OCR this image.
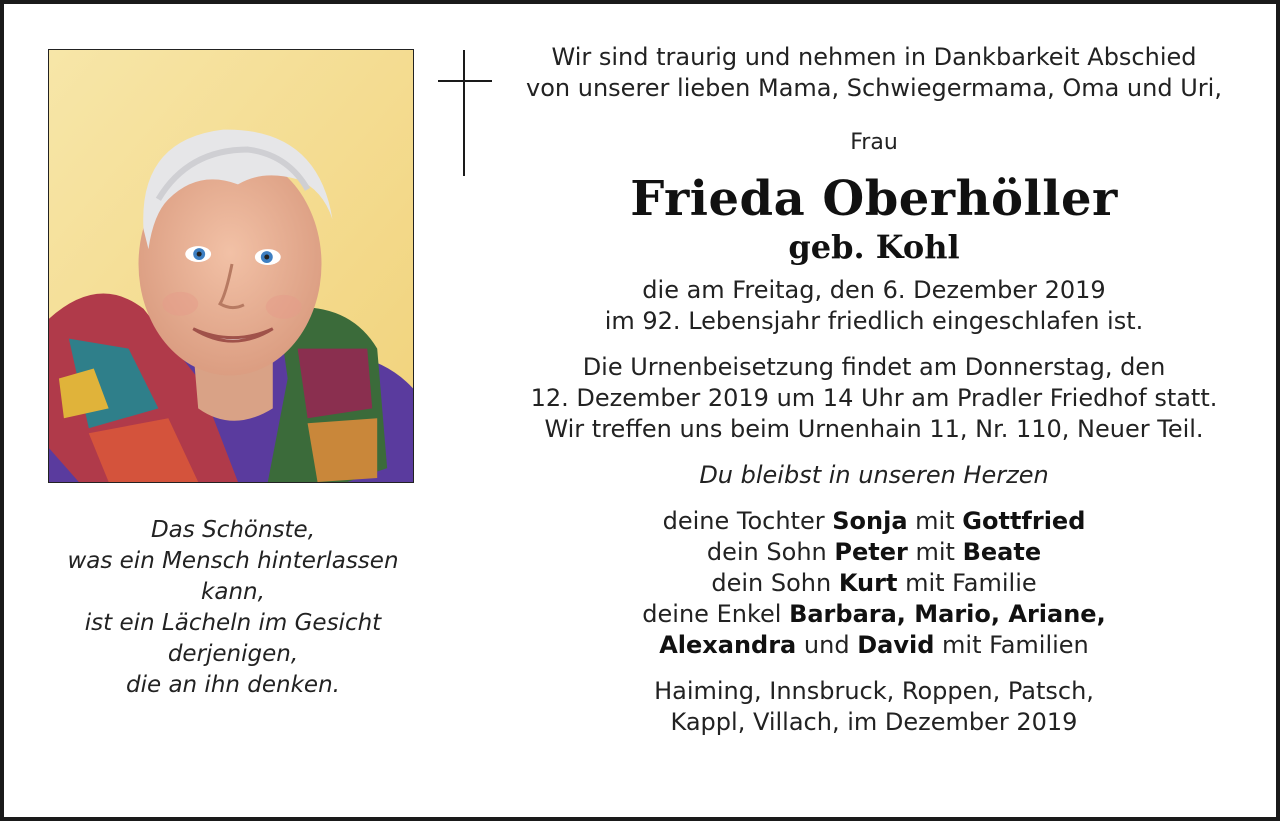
Das Schönste,
was ein Mensch hinterlassen
kann,
ist ein Lächeln im Gesicht
derjenigen,
die an ihn denken.
Wir sind traurig und nehmen in Dankbarkeit Abschied
von unserer lieben Mama, Schwiegermama, Oma und Uri,
Frau
Frieda Oberhöller
geb. Kohl
die am Freitag, den 6. Dezember 2019
im 92. Lebensjahr friedlich eingeschlafen ist.
Die Urnenbeisetzung findet am Donnerstag, den
12. Dezember 2019 um 14 Uhr am Pradler Friedhof statt.
Wir treffen uns beim Urnenhain 11, Nr. 110, Neuer Teil.
Du bleibst in unseren Herzen
deine Tochter Sonja mit Gottfried
dein Sohn Peter mit Beate
dein Sohn Kurt mit Familie
deine Enkel Barbara, Mario, Ariane,
Alexandra und David mit Familien
Haiming, Innsbruck, Roppen, Patsch,
Kappl, Villach, im Dezember 2019
